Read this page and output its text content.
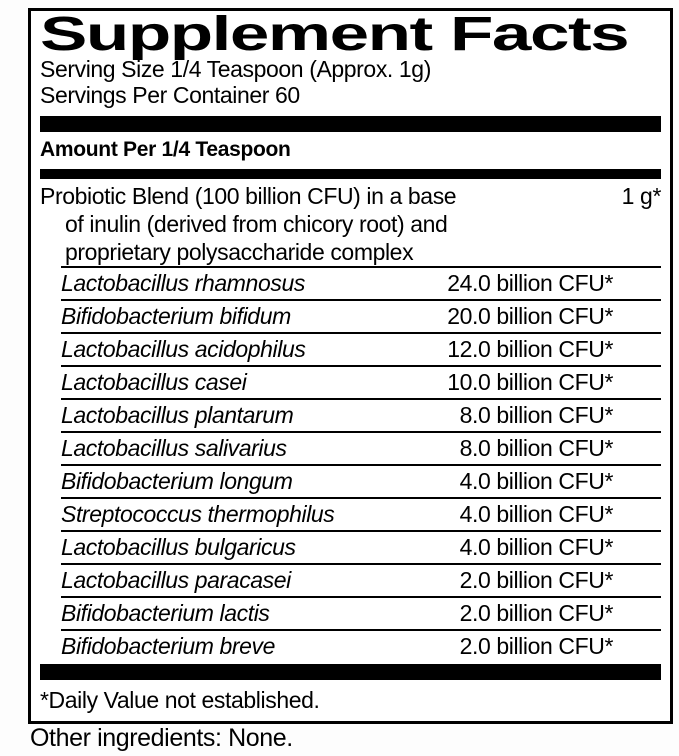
Supplement Facts
Serving Size 1/4 Teaspoon (Approx. 1g)
Servings Per Container 60
Amount Per 1/4 Teaspoon
Probiotic Blend (100 billion CFU) in a base	1 g*
of inulin (derived from chicory root) and
proprietary polysaccharide complex
Lactobacillus rhamnosus	24.0 billion CFU*
Bifidobacterium bifidum	20.0 billion CFU*
Lactobacillus acidophilus	12.0 billion CFU*
Lactobacillus casei	10.0 billion CFU*
Lactobacillus plantarum	8.0 billion CFU*
Lactobacillus salivarius	8.0 billion CFU*
Bifidobacterium longum	4.0 billion CFU*
Streptococcus thermophilus	4.0 billion CFU*
Lactobacillus bulgaricus	4.0 billion CFU*
Lactobacillus paracasei	2.0 billion CFU*
Bifidobacterium lactis	2.0 billion CFU*
Bifidobacterium breve	2.0 billion CFU*
*Daily Value not established.
Other ingredients: None.
